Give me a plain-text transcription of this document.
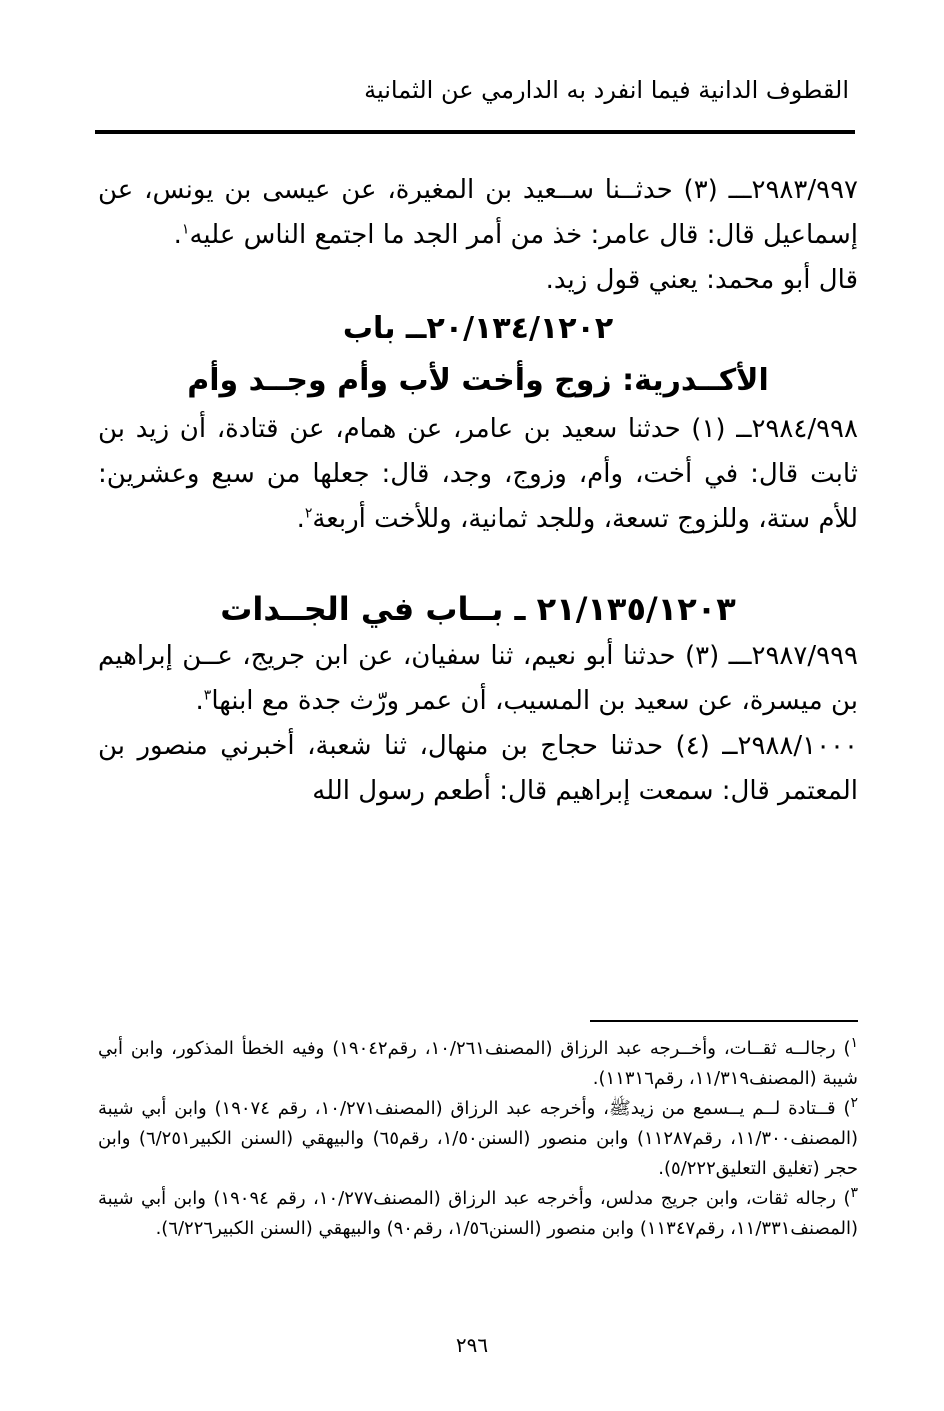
القطوف الدانية فيما انفرد به الدارمي عن الثمانية

٢٩٨٣/٩٩٧ـــ (٣) حدثــنا ســعيد بن المغيرة، عن عيسى بن يونس، عن إسماعيل قال: قال عامر: خذ من أمر الجد ما اجتمع الناس عليه$^١$.

قال أبو محمد: يعني قول زيد.

٢٠/١٣٤/١٢٠٢ــ باب

الأكــدرية: زوج وأخت لأب وأم وجــد وأم

٢٩٨٤/٩٩٨ــ (١) حدثنا سعيد بن عامر، عن همام، عن قتادة، أن زيد بن ثابت قال: في أخت، وأم، وزوج، وجد، قال: جعلها من سبع وعشرين: للأم ستة، وللزوج تسعة، وللجد ثمانية، وللأخت أربعة$^٢$.

٢١/١٣٥/١٢٠٣ ـ بــاب في الجــدات

٢٩٨٧/٩٩٩ـــ (٣) حدثنا أبو نعيم، ثنا سفيان، عن ابن جريج، عــن إبراهيم بن ميسرة، عن سعيد بن المسيب، أن عمر ورّث جدة مع ابنها$^٣$.

٢٩٨٨/١٠٠٠ــ (٤) حدثنا حجاج بن منهال، ثنا شعبة، أخبرني منصور بن المعتمر قال: سمعت إبراهيم قال: أطعم رسول الله

$^١$) رجالــه ثقــات، وأخــرجه عبد الرزاق (المصنف١٠/٢٦١، رقم١٩٠٤٢) وفيه الخطأ المذكور، وابن أبي شيبة (المصنف١١/٣١٩، رقم١١٣١٦).

$^٢$) قــتادة لــم يــسمع من زيدﷺ، وأخرجه عبد الرزاق (المصنف١٠/٢٧١، رقم ١٩٠٧٤) وابن أبي شيبة (المصنف١١/٣٠٠، رقم١١٢٨٧) وابن منصور (السنن١/٥٠، رقم٦٥) والبيهقي (السنن الكبير٦/٢٥١) وابن حجر (تغليق التعليق٥/٢٢٢).

$^٣$) رجاله ثقات، وابن جريج مدلس، وأخرجه عبد الرزاق (المصنف١٠/٢٧٧، رقم ١٩٠٩٤) وابن أبي شيبة (المصنف١١/٣٣١، رقم١١٣٤٧) وابن منصور (السنن١/٥٦، رقم٩٠) والبيهقي (السنن الكبير٦/٢٢٦).

٢٩٦
